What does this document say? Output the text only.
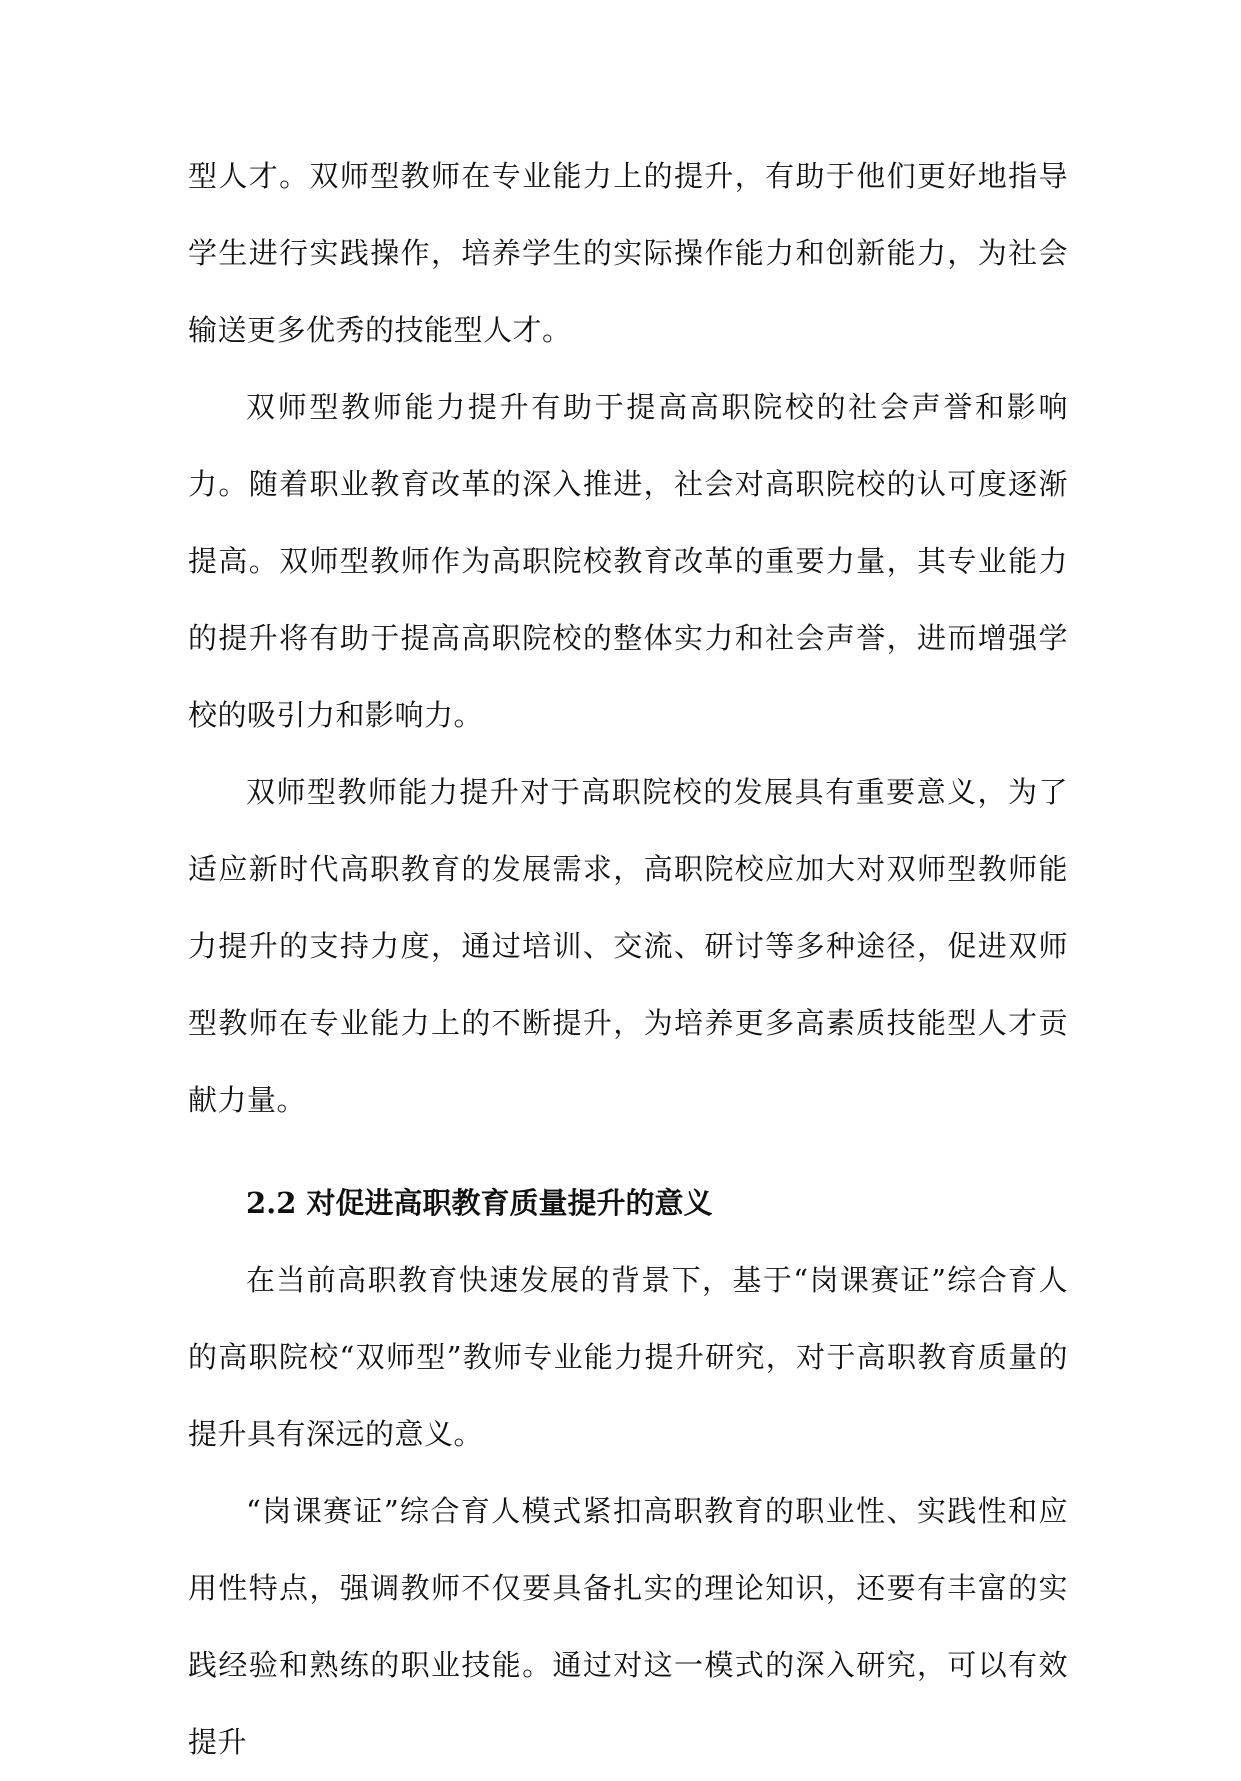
型人才。双师型教师在专业能力上的提升，有助于他们更好地指导学生进行实践操作，培养学生的实际操作能力和创新能力，为社会输送更多优秀的技能型人才。

双师型教师能力提升有助于提高高职院校的社会声誉和影响力。随着职业教育改革的深入推进，社会对高职院校的认可度逐渐提高。双师型教师作为高职院校教育改革的重要力量，其专业能力的提升将有助于提高高职院校的整体实力和社会声誉，进而增强学校的吸引力和影响力。

双师型教师能力提升对于高职院校的发展具有重要意义，为了适应新时代高职教育的发展需求，高职院校应加大对双师型教师能力提升的支持力度，通过培训、交流、研讨等多种途径，促进双师型教师在专业能力上的不断提升，为培养更多高素质技能型人才贡献力量。

2.2 对促进高职教育质量提升的意义

在当前高职教育快速发展的背景下，基于“岗课赛证”综合育人的高职院校“双师型”教师专业能力提升研究，对于高职教育质量的提升具有深远的意义。

“岗课赛证”综合育人模式紧扣高职教育的职业性、实践性和应用性特点，强调教师不仅要具备扎实的理论知识，还要有丰富的实践经验和熟练的职业技能。通过对这一模式的深入研究，可以有效提升
